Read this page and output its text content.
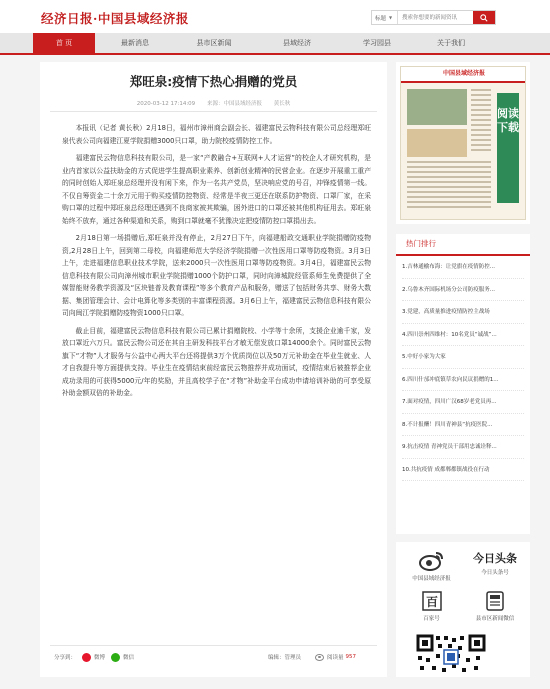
经济日报·中国县域经济报	标题 ▼
搜索你想要的新闻资讯
首 页	最新消息	县市区新闻	县域经济	学习园县	关于我们
郑旺泉:疫情下热心捐赠的党员
2020-03-12 17:14:09 来源：中国县域经济报 黄长秋

本报讯（记者 黄长秋）2月18日，福州市漳州商会副会长、福建富民云物科技有限公司总经理郑旺泉代表公司向福建江夏学院捐赠3000只口罩，助力院校疫情防控工作。

福建富民云物信息科技有限公司，是一家“产教融合+互联网+人才运营”的校企人才研究机构，是业内首家以公益扶助金的方式促进学生提高职业素养、创新创业精神的民营企业。在逐步开展重工重产的同时创始人郑旺泉总经理并没有闲下来，作为一名共产党员，坚决响应党的号召，冲锋疫情第一线。不仅自筹资金二十余万元用于购买疫情防控物资、经常是半夜三更还在联系防护物资、口罩厂家，在采购口罩的过程中郑旺泉总经理还遇到不良商家被其欺骗，困外进口的口罩还被其他机构征用去。郑旺泉始终不放弃，通过各种渠道和关系，购到口罩就毫不犹豫决定把疫情防控口罩捐出去。

2月18日第一场捐赠后,郑旺泉并没有停止，2月27日下午，向福建船政交通职业学院捐赠防疫物资,2月28日上午，回到第二母校，向福建师范大学经济学院捐赠一次性医用口罩等防疫物资。3月3日上午，走进福建信息职业技术学院，送来2000只一次性医用口罩等防疫物资。3月4日，福建富民云物信息科技有限公司向漳州城市职业学院捐赠1000个防护口罩，同时向漳城院经管系师生免费提供了全媒智能财务教学资源及“区块链普及教育课程”等多个教育产品和服务，赠送了包括财务共享、财务大数据、集团管理会计、会计电算化等多类别的丰富课程资源。3月6日上午，福建富民云物信息科技有限公司向闽江学院捐赠防疫物资1000只口罩。

截止目前，福建富民云物信息科技有限公司已累计捐赠院校、小学等十余所，支援企业逾千家，发放口罩近六万只。富民云物公司还在其自主研发科技平台才敏无偿发放口罩14000余个。同时富民云物旗下“才物”人才服务与公益中心两大平台还将提供3万个优质岗位以及50万元补助金在毕业生就业、人才自我提升等方面提供支持。毕业生在疫情结束前经富民云物推荐并成功面试，疫情结束后被推荐企业成功录用的可获得5000元/年的奖励，并且高校学子在“才物”补助金平台成功申请培训补助的可享受原补助金额双倍的补助金。

分享到：	微博	微信	编辑：管理员	阅读量 957
中国县域经济报
阅读下载
热门排行
1.吉林通榆布海：让党旗在疫情防控...
2.乌鲁木齐国际机场分公司防疫服务...
3.党建，高质量推进疫情防控主战场
4.四川崇州四维村：10名党员“诚战”...
5.中好小家为大家
6.四川什邡冲底镇草农向民议捐赠的1...
7.面对疫情，四川广汉68岁老党员再...
8.不计报酬！四川青神县“抗疫医院...
9.抗击疫情 青神党员干部用忠诚诠释...
10.共抗疫情 成都郫都镇战役在行动
中国县域经济报
今日头条
今日头条号
百
百家号	县市区新闻微信
